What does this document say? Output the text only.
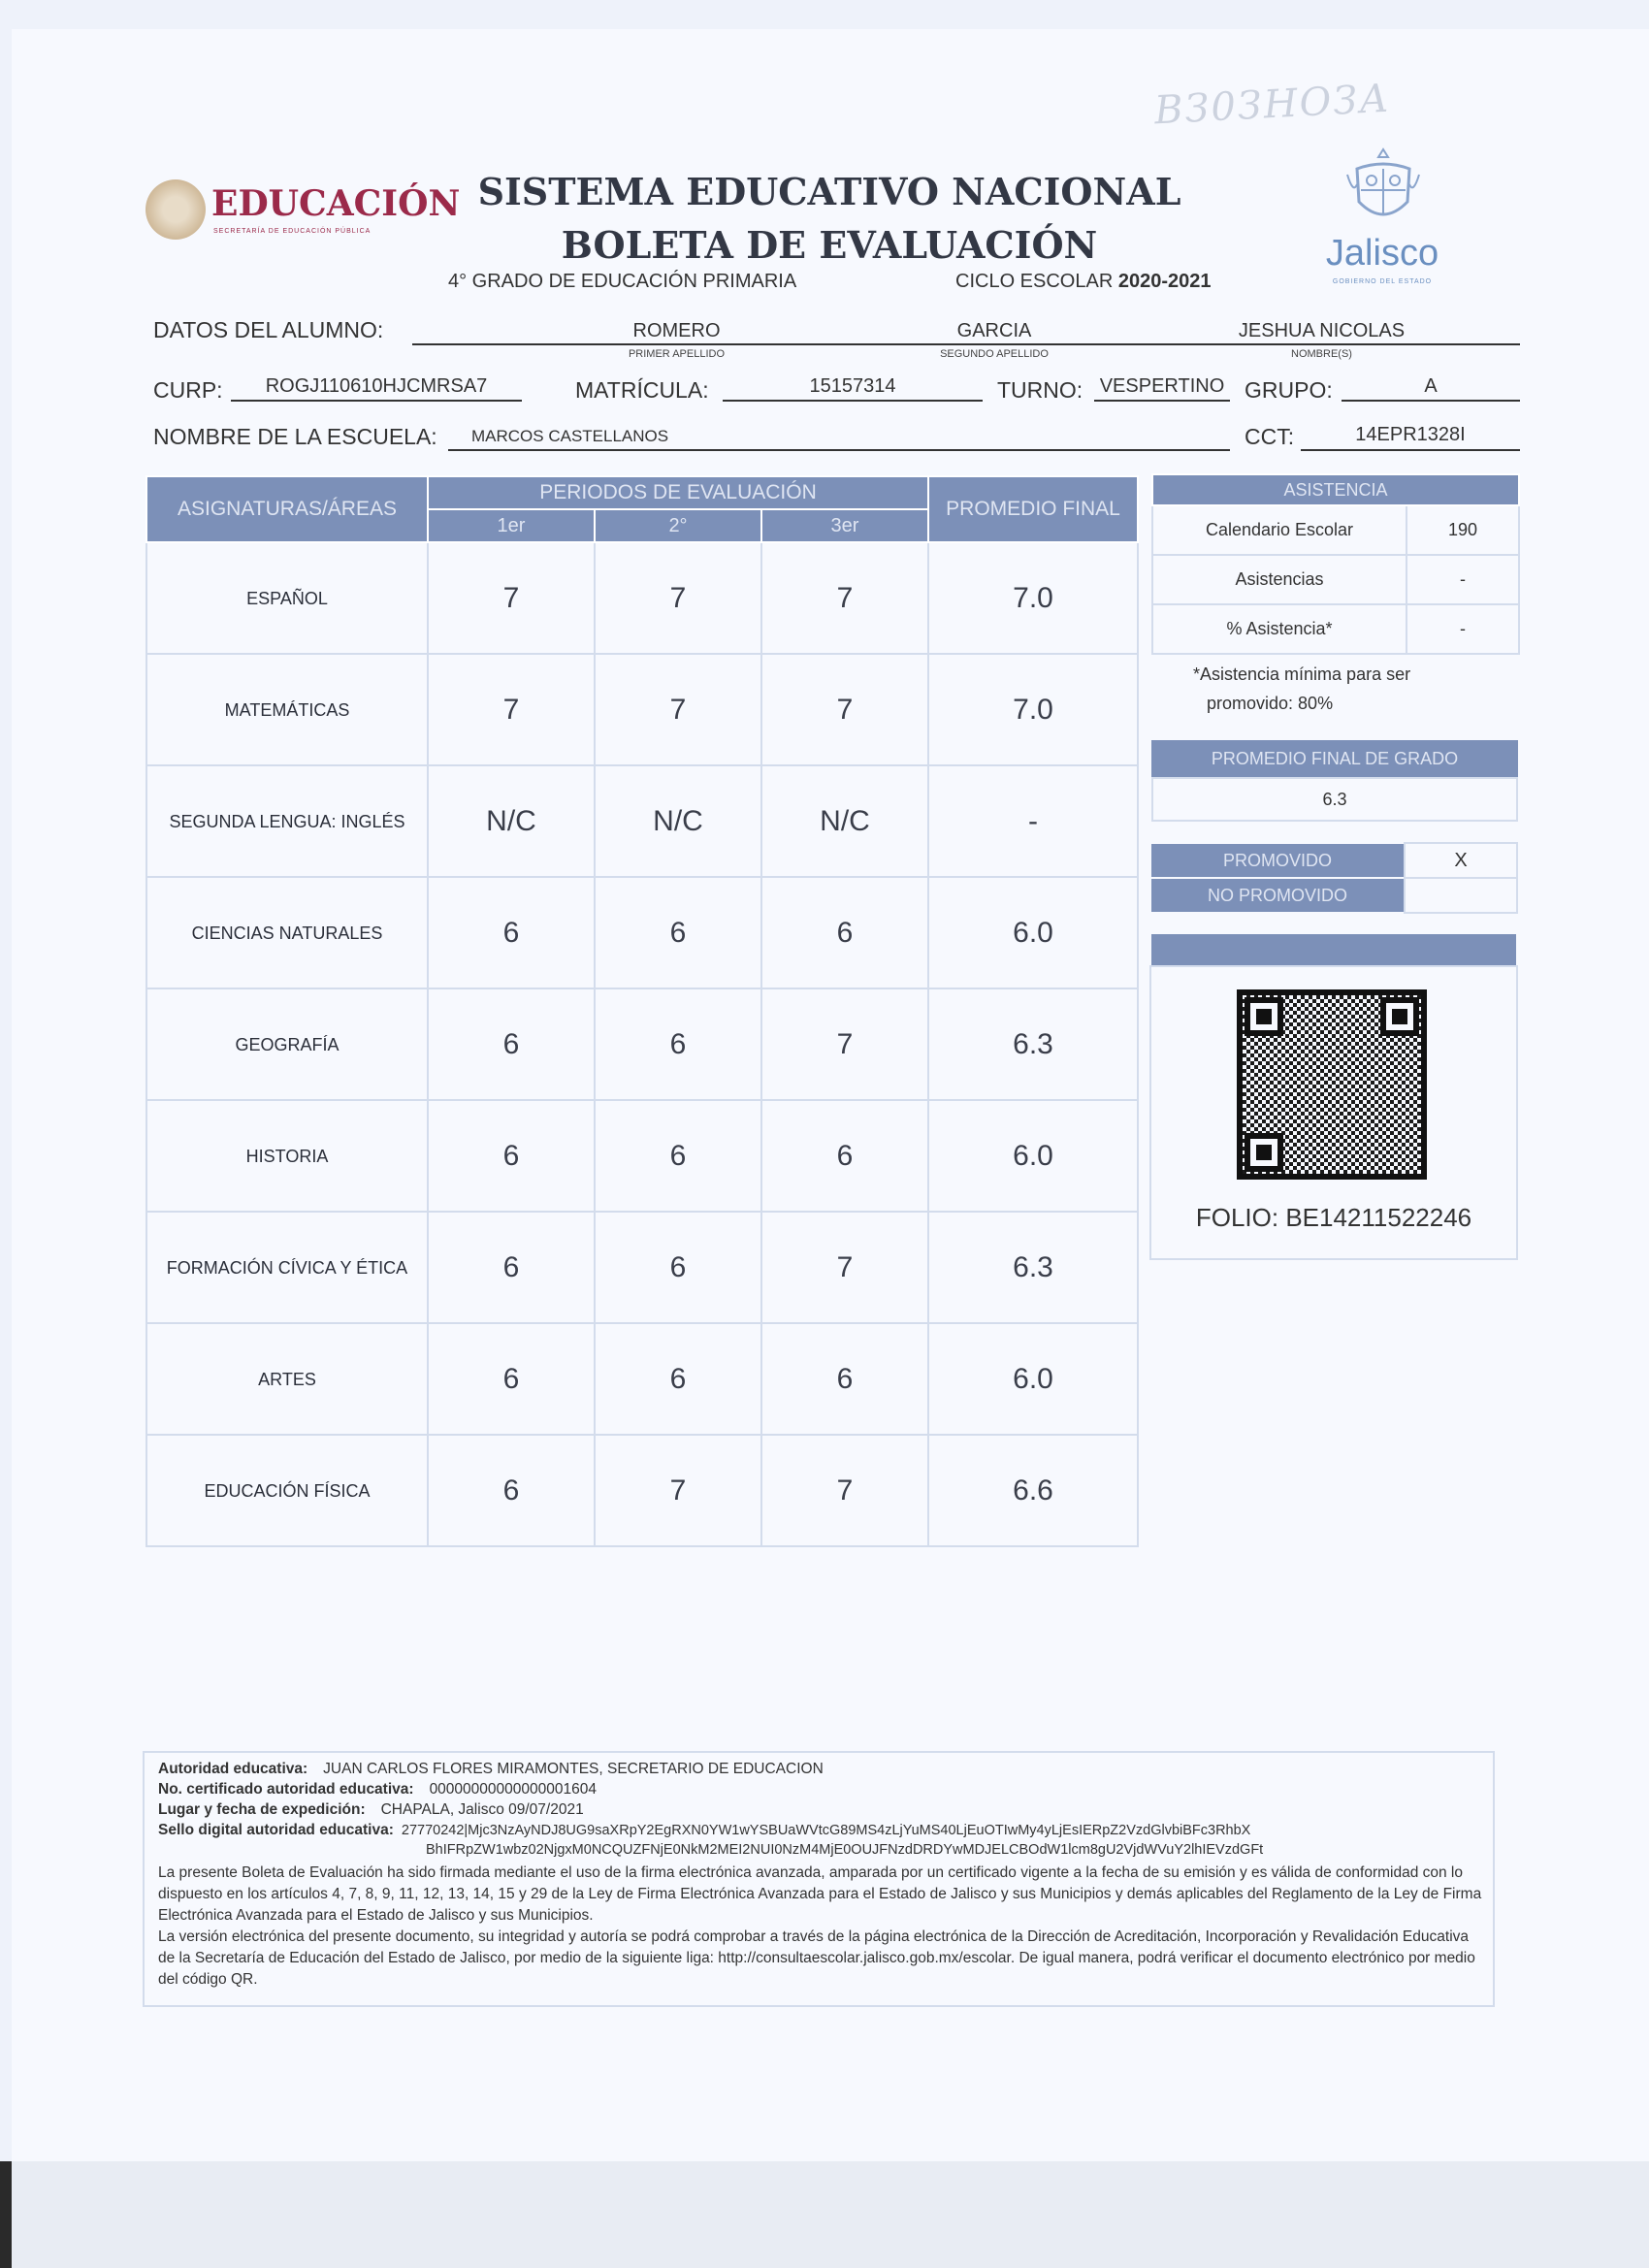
ВЗ0ЗНОЗА
EDUCACIÓN
SECRETARÍA DE EDUCACIÓN PÚBLICA
SISTEMA EDUCATIVO NACIONAL
BOLETA DE EVALUACIÓN
4° GRADO DE EDUCACIÓN PRIMARIA	CICLO ESCOLAR 2020-2021
Jalisco
GOBIERNO DEL ESTADO
DATOS DEL ALUMNO:	ROMERO	GARCIA	JESHUA NICOLAS
PRIMER APELLIDO	SEGUNDO APELLIDO	NOMBRE(S)
CURP:	ROGJ110610HJCMRSA7	MATRÍCULA:	15157314	TURNO: VESPERTINO GRUPO:	A
NOMBRE DE LA ESCUELA: MARCOS CASTELLANOS	CCT:	14EPR1328I
ASIGNATURAS/ÁREAS	PERIODOS DE EVALUACIÓN			PROMEDIO FINAL
	1er	2°	3er	
ESPAÑOL	7	7	7	7.0
MATEMÁTICAS	7	7	7	7.0
SEGUNDA LENGUA: INGLÉS	N/C	N/C	N/C	-
CIENCIAS NATURALES	6	6	6	6.0
GEOGRAFÍA	6	6	7	6.3
HISTORIA	6	6	6	6.0
FORMACIÓN CÍVICA Y ÉTICA	6	6	7	6.3
ARTES	6	6	6	6.0
EDUCACIÓN FÍSICA	6	7	7	6.6
ASISTENCIA	
Calendario Escolar	190
Asistencias	-
% Asistencia*	-
*Asistencia mínima para ser
promovido: 80%
PROMEDIO FINAL DE GRADO
6.3
PROMOVIDO	X
NO PROMOVIDO
FOLIO: BE14211522246
Autoridad educativa: JUAN CARLOS FLORES MIRAMONTES, SECRETARIO DE EDUCACION
No. certificado autoridad educativa: 00000000000000001604
Lugar y fecha de expedición: CHAPALA, Jalisco 09/07/2021
Sello digital autoridad educativa: 27770242|Mjc3NzAyNDJ8UG9saXRpY2EgRXN0YW1wYSBUaWVtcG89MS4zLjYuMS40LjEuOTIwMy4yLjEsIERpZ2VzdGlvbiBFc3RhbX
BhIFRpZW1wbz02NjgxM0NCQUZFNjE0NkM2MEI2NUI0NzM4MjE0OUJFNzdDRDYwMDJELCBOdW1lcm8gU2VjdWVuY2lhIEVzdGFt
La presente Boleta de Evaluación ha sido firmada mediante el uso de la firma electrónica avanzada, amparada por un certificado vigente a la fecha de su emisión y es válida de conformidad con lo dispuesto en los artículos 4, 7, 8, 9, 11, 12, 13, 14, 15 y 29 de la Ley de Firma Electrónica Avanzada para el Estado de Jalisco y sus Municipios y demás aplicables del Reglamento de la Ley de Firma Electrónica Avanzada para el Estado de Jalisco y sus Municipios.
La versión electrónica del presente documento, su integridad y autoría se podrá comprobar a través de la página electrónica de la Dirección de Acreditación, Incorporación y Revalidación Educativa de la Secretaría de Educación del Estado de Jalisco, por medio de la siguiente liga: http://consultaescolar.jalisco.gob.mx/escolar. De igual manera, podrá verificar el documento electrónico por medio del código QR.
